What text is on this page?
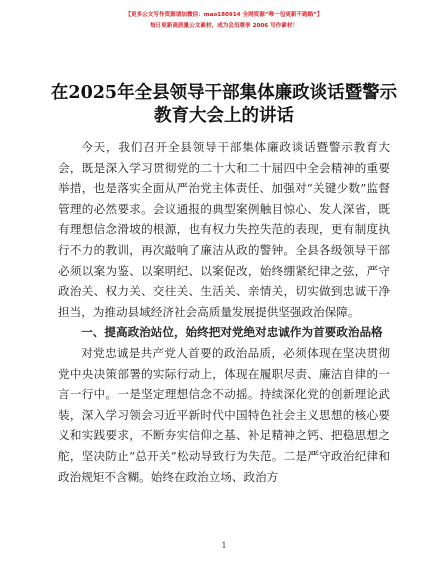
【更多公文写作资源请加微信：mao180914 全网资源“唯一包更新不跑路”】
每日更新高质量公文素材，成为会员尊享 2006 写作素材！
在2025年全县领导干部集体廉政谈话暨警示教育大会上的讲话

今天，我们召开全县领导干部集体廉政谈话暨警示教育大会，既是深入学习贯彻党的二十大和二十届四中全会精神的重要举措，也是落实全面从严治党主体责任、加强对“关键少数”监督管理的必然要求。会议通报的典型案例触目惊心、发人深省，既有理想信念滑坡的根源，也有权力失控失范的表现，更有制度执行不力的教训，再次敲响了廉洁从政的警钟。全县各级领导干部必须以案为鉴、以案明纪、以案促改，始终绷紧纪律之弦，严守政治关、权力关、交往关、生活关、亲情关，切实做到忠诚干净担当，为推动县域经济社会高质量发展提供坚强政治保障。

一、提高政治站位，始终把对党绝对忠诚作为首要政治品格

对党忠诚是共产党人首要的政治品质，必须体现在坚决贯彻党中央决策部署的实际行动上，体现在履职尽责、廉洁自律的一言一行中。一是坚定理想信念不动摇。持续深化党的创新理论武装，深入学习领会习近平新时代中国特色社会主义思想的核心要义和实践要求，不断夯实信仰之基、补足精神之钙、把稳思想之舵，坚决防止“总开关”松动导致行为失范。二是严守政治纪律和政治规矩不含糊。始终在政治立场、政治方

1
